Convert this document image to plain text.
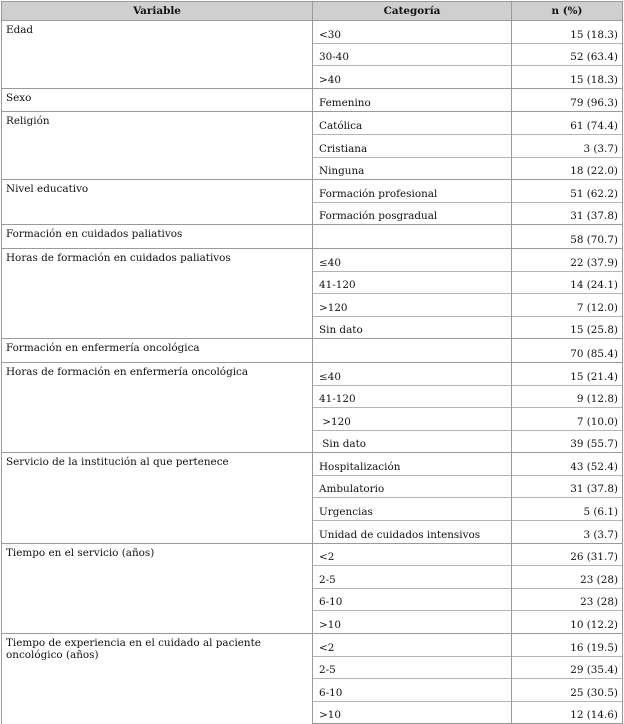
Variable	Categoría	n (%)
Edad	<30	15 (18.3)
	30-40	52 (63.4)
	>40	15 (18.3)
Sexo	Femenino	79 (96.3)
Religión	Católica	61 (74.4)
	Cristiana	3 (3.7)
	Ninguna	18 (22.0)
Nivel educativo	Formación profesional	51 (62.2)
	Formación posgradual	31 (37.8)
Formación en cuidados paliativos		58 (70.7)
Horas de formación en cuidados paliativos	≤40	22 (37.9)
	41-120	14 (24.1)
	>120	7 (12.0)
	Sin dato	15 (25.8)
Formación en enfermería oncológica		70 (85.4)
Horas de formación en enfermería oncológica	≤40	15 (21.4)
	41-120	9 (12.8)
	>120	7 (10.0)
	Sin dato	39 (55.7)
Servicio de la institución al que pertenece	Hospitalización	43 (52.4)
	Ambulatorio	31 (37.8)
	Urgencias	5 (6.1)
	Unidad de cuidados intensivos	3 (3.7)
Tiempo en el servicio (años)	<2	26 (31.7)
	2-5	23 (28)
	6-10	23 (28)
	>10	10 (12.2)
Tiempo de experiencia en el cuidado al paciente oncológico (años)	<2	16 (19.5)
	2-5	29 (35.4)
	6-10	25 (30.5)
	>10	12 (14.6)
